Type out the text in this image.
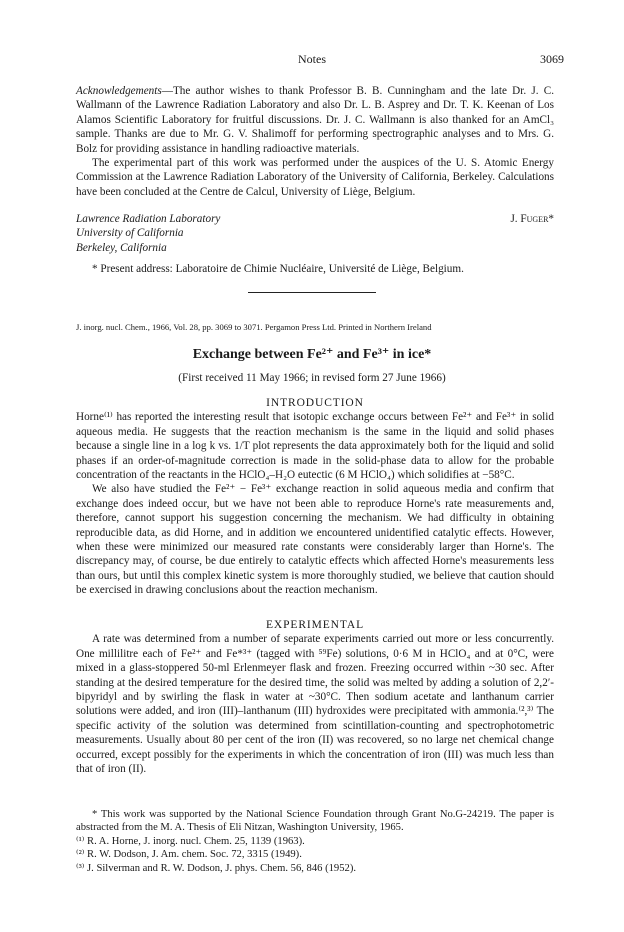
Notes	3069

Acknowledgements—The author wishes to thank Professor B. B. Cunningham and the late Dr. J. C. Wallmann of the Lawrence Radiation Laboratory and also Dr. L. B. Asprey and Dr. T. K. Keenan of Los Alamos Scientific Laboratory for fruitful discussions. Dr. J. C. Wallmann is also thanked for an AmCl₃ sample. Thanks are due to Mr. G. V. Shalimoff for performing spectrographic analyses and to Mrs. G. Bolz for providing assistance in handling radioactive materials.

The experimental part of this work was performed under the auspices of the U. S. Atomic Energy Commission at the Lawrence Radiation Laboratory of the University of California, Berkeley. Calculations have been concluded at the Centre de Calcul, University of Liège, Belgium.

Lawrence Radiation Laboratory	J. Fuger*
University of California
Berkeley, California
* Present address: Laboratoire de Chimie Nucléaire, Université de Liège, Belgium.
J. inorg. nucl. Chem., 1966, Vol. 28, pp. 3069 to 3071. Pergamon Press Ltd. Printed in Northern Ireland
Exchange between Fe²⁺ and Fe³⁺ in ice*
(First received 11 May 1966; in revised form 27 June 1966)

INTRODUCTION

Horne⁽¹⁾ has reported the interesting result that isotopic exchange occurs between Fe²⁺ and Fe³⁺ in solid aqueous media. He suggests that the reaction mechanism is the same in the liquid and solid phases because a single line in a log k vs. 1/T plot represents the data approximately both for the liquid and solid phases if an order-of-magnitude correction is made in the solid-phase data to allow for the probable concentration of the reactants in the HClO₄–H₂O eutectic (6 M HClO₄) which solidifies at −58°C.

We also have studied the Fe²⁺ − Fe³⁺ exchange reaction in solid aqueous media and confirm that exchange does indeed occur, but we have not been able to reproduce Horne's rate measurements and, therefore, cannot support his suggestion concerning the mechanism. We had difficulty in obtaining reproducible data, as did Horne, and in addition we encountered unidentified catalytic effects. However, when these were minimized our measured rate constants were considerably larger than Horne's. The discrepancy may, of course, be due entirely to catalytic effects which affected Horne's measurements less than ours, but until this complex kinetic system is more thoroughly studied, we believe that caution should be exercised in drawing conclusions about the reaction mechanism.

EXPERIMENTAL

A rate was determined from a number of separate experiments carried out more or less concurrently. One millilitre each of Fe²⁺ and Fe*³⁺ (tagged with ⁵⁹Fe) solutions, 0·6 M in HClO₄ and at 0°C, were mixed in a glass-stoppered 50-ml Erlenmeyer flask and frozen. Freezing occurred within ~30 sec. After standing at the desired temperature for the desired time, the solid was melted by adding a solution of 2,2′-bipyridyl and by swirling the flask in water at ~30°C. Then sodium acetate and lanthanum carrier solutions were added, and iron (III)–lanthanum (III) hydroxides were precipitated with ammonia.⁽²,³⁾ The specific activity of the solution was determined from scintillation-counting and spectrophotometric measurements. Usually about 80 per cent of the iron (II) was recovered, so no large net chemical change occurred, except possibly for the experiments in which the concentration of iron (III) was much less than that of iron (II).

* This work was supported by the National Science Foundation through Grant No.G-24219. The paper is abstracted from the M. A. Thesis of Eli Nitzan, Washington University, 1965.

⁽¹⁾ R. A. Horne, J. inorg. nucl. Chem. 25, 1139 (1963).

⁽²⁾ R. W. Dodson, J. Am. chem. Soc. 72, 3315 (1949).

⁽³⁾ J. Silverman and R. W. Dodson, J. phys. Chem. 56, 846 (1952).
